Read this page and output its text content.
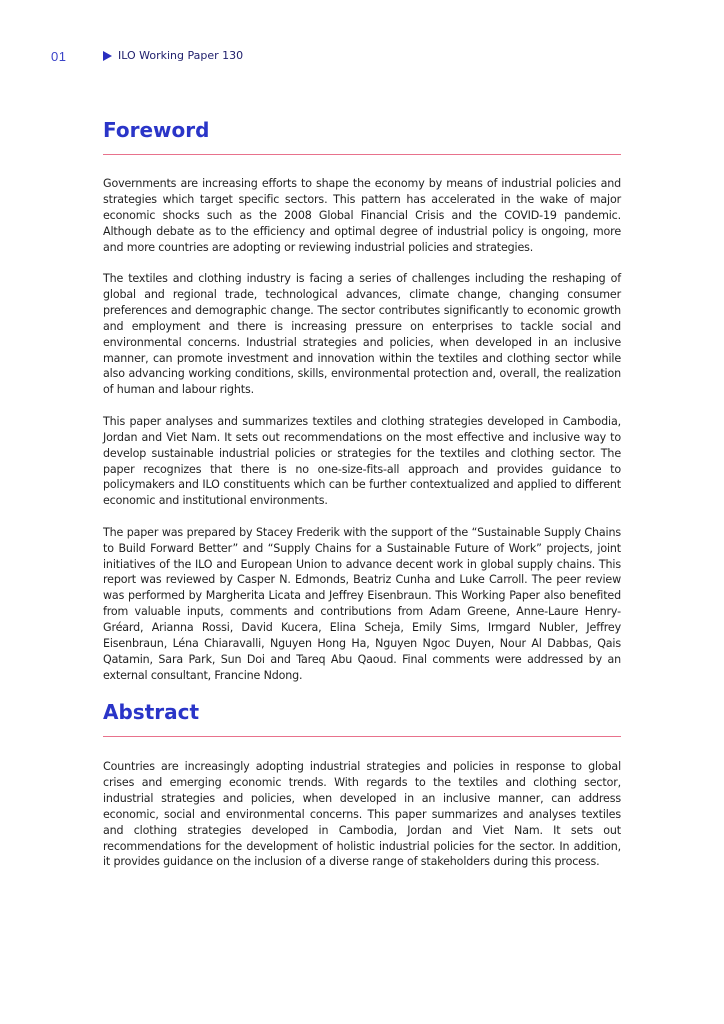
01	ILO Working Paper 130
Foreword

Governments are increasing efforts to shape the economy by means of industrial policies and strategies which target specific sectors. This pattern has accelerated in the wake of major economic shocks such as the 2008 Global Financial Crisis and the COVID-19 pandemic. Although debate as to the efficiency and optimal degree of industrial policy is ongoing, more and more countries are adopting or reviewing industrial policies and strategies.

The textiles and clothing industry is facing a series of challenges including the reshaping of global and regional trade, technological advances, climate change, changing consumer preferences and demographic change. The sector contributes significantly to economic growth and employment and there is increasing pressure on enterprises to tackle social and environmental concerns. Industrial strategies and policies, when developed in an inclusive manner, can promote investment and innovation within the textiles and clothing sector while also advancing working conditions, skills, environmental protection and, overall, the realization of human and labour rights.

This paper analyses and summarizes textiles and clothing strategies developed in Cambodia, Jordan and Viet Nam. It sets out recommendations on the most effective and inclusive way to develop sustainable industrial policies or strategies for the textiles and clothing sector. The paper recognizes that there is no one-size-fits-all approach and provides guidance to policymakers and ILO constituents which can be further contextualized and applied to different economic and institutional environments.

The paper was prepared by Stacey Frederik with the support of the “Sustainable Supply Chains to Build Forward Better” and “Supply Chains for a Sustainable Future of Work” projects, joint initiatives of the ILO and European Union to advance decent work in global supply chains. This report was reviewed by Casper N. Edmonds, Beatriz Cunha and Luke Carroll. The peer review was performed by Margherita Licata and Jeffrey Eisenbraun. This Working Paper also benefited from valuable inputs, comments and contributions from Adam Greene, Anne-Laure Henry-Gréard, Arianna Rossi, David Kucera, Elina Scheja, Emily Sims, Irmgard Nubler, Jeffrey Eisenbraun, Léna Chiaravalli, Nguyen Hong Ha, Nguyen Ngoc Duyen, Nour Al Dabbas, Qais Qatamin, Sara Park, Sun Doi and Tareq Abu Qaoud. Final comments were addressed by an external consultant, Francine Ndong.

Abstract

Countries are increasingly adopting industrial strategies and policies in response to global crises and emerging economic trends. With regards to the textiles and clothing sector, industrial strategies and policies, when developed in an inclusive manner, can address economic, social and environmental concerns. This paper summarizes and analyses textiles and clothing strategies developed in Cambodia, Jordan and Viet Nam. It sets out recommendations for the development of holistic industrial policies for the sector. In addition, it provides guidance on the inclusion of a diverse range of stakeholders during this process.
